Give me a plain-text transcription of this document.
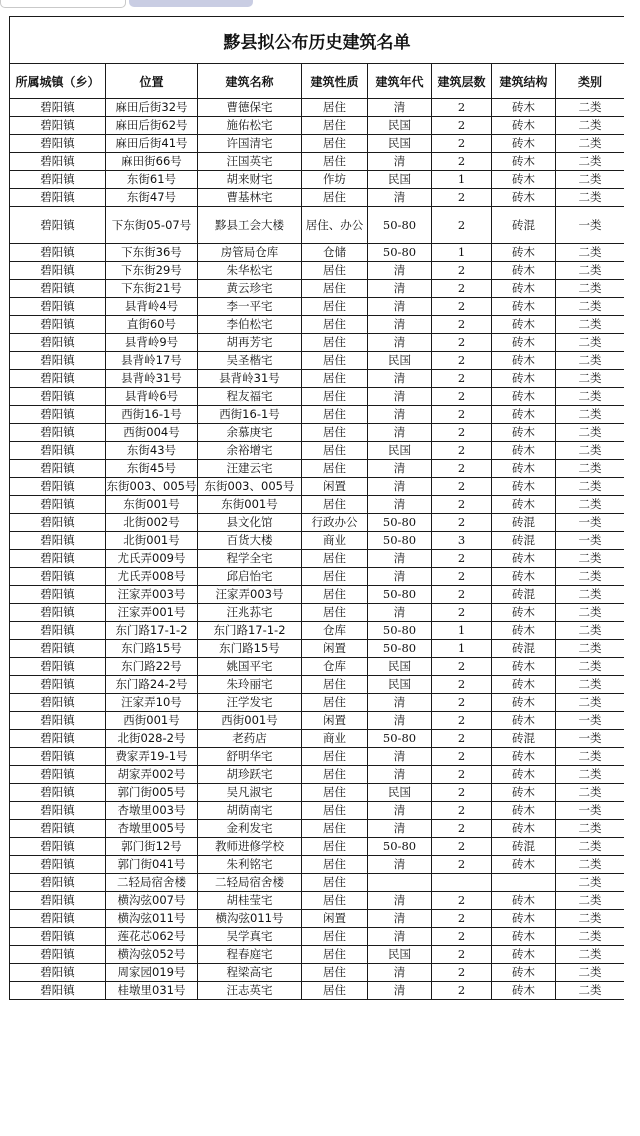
黟县拟公布历史建筑名单							
所属城镇（乡）	位置	建筑名称	建筑性质	建筑年代	建筑层数	建筑结构	类别
碧阳镇	麻田后街32号	曹德保宅	居住	清	2	砖木	二类
碧阳镇	麻田后街62号	施佑松宅	居住	民国	2	砖木	二类
碧阳镇	麻田后街41号	许国清宅	居住	民国	2	砖木	二类
碧阳镇	麻田街66号	汪国英宅	居住	清	2	砖木	二类
碧阳镇	东街61号	胡来财宅	作坊	民国	1	砖木	二类
碧阳镇	东街47号	曹基林宅	居住	清	2	砖木	二类
碧阳镇	下东街05-07号	黟县工会大楼	居住、办公	50-80	2	砖混	一类
碧阳镇	下东街36号	房管局仓库	仓储	50-80	1	砖木	二类
碧阳镇	下东街29号	朱华松宅	居住	清	2	砖木	二类
碧阳镇	下东街21号	黄云珍宅	居住	清	2	砖木	二类
碧阳镇	县背岭4号	李一平宅	居住	清	2	砖木	二类
碧阳镇	直街60号	李伯松宅	居住	清	2	砖木	二类
碧阳镇	县背岭9号	胡再芳宅	居住	清	2	砖木	二类
碧阳镇	县背岭17号	吴圣楷宅	居住	民国	2	砖木	二类
碧阳镇	县背岭31号	县背岭31号	居住	清	2	砖木	二类
碧阳镇	县背岭6号	程友福宅	居住	清	2	砖木	二类
碧阳镇	西街16-1号	西街16-1号	居住	清	2	砖木	二类
碧阳镇	西街004号	余慕庚宅	居住	清	2	砖木	二类
碧阳镇	东街43号	余裕增宅	居住	民国	2	砖木	二类
碧阳镇	东街45号	汪建云宅	居住	清	2	砖木	二类
碧阳镇	东街003、005号	东街003、005号	闲置	清	2	砖木	二类
碧阳镇	东街001号	东街001号	居住	清	2	砖木	二类
碧阳镇	北街002号	县文化馆	行政办公	50-80	2	砖混	一类
碧阳镇	北街001号	百货大楼	商业	50-80	3	砖混	一类
碧阳镇	尤氏弄009号	程学全宅	居住	清	2	砖木	二类
碧阳镇	尤氏弄008号	邱启怡宅	居住	清	2	砖木	二类
碧阳镇	汪家弄003号	汪家弄003号	居住	50-80	2	砖混	二类
碧阳镇	汪家弄001号	汪兆荪宅	居住	清	2	砖木	二类
碧阳镇	东门路17-1-2	东门路17-1-2	仓库	50-80	1	砖木	二类
碧阳镇	东门路15号	东门路15号	闲置	50-80	1	砖混	二类
碧阳镇	东门路22号	姚国平宅	仓库	民国	2	砖木	二类
碧阳镇	东门路24-2号	朱玲丽宅	居住	民国	2	砖木	二类
碧阳镇	汪家弄10号	汪学发宅	居住	清	2	砖木	二类
碧阳镇	西街001号	西街001号	闲置	清	2	砖木	一类
碧阳镇	北街028-2号	老药店	商业	50-80	2	砖混	一类
碧阳镇	费家弄19-1号	舒明华宅	居住	清	2	砖木	二类
碧阳镇	胡家弄002号	胡珍跃宅	居住	清	2	砖木	二类
碧阳镇	郭门街005号	吴凡淑宅	居住	民国	2	砖木	二类
碧阳镇	杏墩里003号	胡荫南宅	居住	清	2	砖木	一类
碧阳镇	杏墩里005号	金利发宅	居住	清	2	砖木	二类
碧阳镇	郭门街12号	教师进修学校	居住	50-80	2	砖混	二类
碧阳镇	郭门街041号	朱利铭宅	居住	清	2	砖木	二类
碧阳镇	二轻局宿舍楼	二轻局宿舍楼	居住				二类
碧阳镇	横沟弦007号	胡桂莹宅	居住	清	2	砖木	二类
碧阳镇	横沟弦011号	横沟弦011号	闲置	清	2	砖木	二类
碧阳镇	莲花芯062号	吴学真宅	居住	清	2	砖木	二类
碧阳镇	横沟弦052号	程春庭宅	居住	民国	2	砖木	二类
碧阳镇	周家园019号	程梁高宅	居住	清	2	砖木	二类
碧阳镇	桂墩里031号	汪志英宅	居住	清	2	砖木	二类
